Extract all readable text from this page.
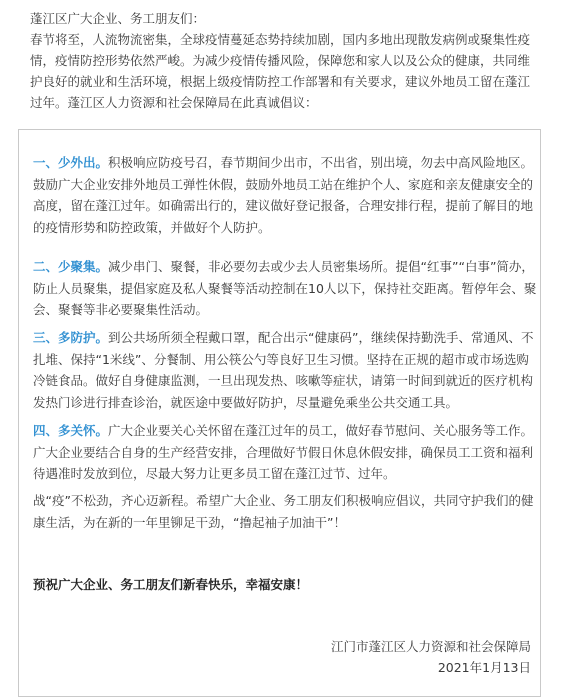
蓬江区广大企业、务工朋友们：

春节将至，人流物流密集，全球疫情蔓延态势持续加剧，国内多地出现散发病例或聚集性疫情，疫情防控形势依然严峻。为减少疫情传播风险，保障您和家人以及公众的健康，共同维护良好的就业和生活环境，根据上级疫情防控工作部署和有关要求，建议外地员工留在蓬江过年。蓬江区人力资源和社会保障局在此真诚倡议：

一、少外出。积极响应防疫号召，春节期间少出市，不出省，别出境，勿去中高风险地区。鼓励广大企业安排外地员工弹性休假，鼓励外地员工站在维护个人、家庭和亲友健康安全的高度，留在蓬江过年。如确需出行的，建议做好登记报备，合理安排行程，提前了解目的地的疫情形势和防控政策，并做好个人防护。

二、少聚集。减少串门、聚餐，非必要勿去或少去人员密集场所。提倡“红事”“白事”简办，防止人员聚集，提倡家庭及私人聚餐等活动控制在10人以下，保持社交距离。暂停年会、聚会、聚餐等非必要聚集性活动。

三、多防护。到公共场所须全程戴口罩，配合出示“健康码”，继续保持勤洗手、常通风、不扎堆、保持“1米线”、分餐制、用公筷公勺等良好卫生习惯。坚持在正规的超市或市场选购冷链食品。做好自身健康监测，一旦出现发热、咳嗽等症状，请第一时间到就近的医疗机构发热门诊进行排查诊治，就医途中要做好防护，尽量避免乘坐公共交通工具。

四、多关怀。广大企业要关心关怀留在蓬江过年的员工，做好春节慰问、关心服务等工作。广大企业要结合自身的生产经营安排，合理做好节假日休息休假安排，确保员工工资和福利待遇准时发放到位，尽最大努力让更多员工留在蓬江过节、过年。

战“疫”不松劲，齐心迈新程。希望广大企业、务工朋友们积极响应倡议，共同守护我们的健康生活，为在新的一年里铆足干劲，“撸起袖子加油干”！

预祝广大企业、务工朋友们新春快乐，幸福安康！

江门市蓬江区人力资源和社会保障局
2021年1月13日
